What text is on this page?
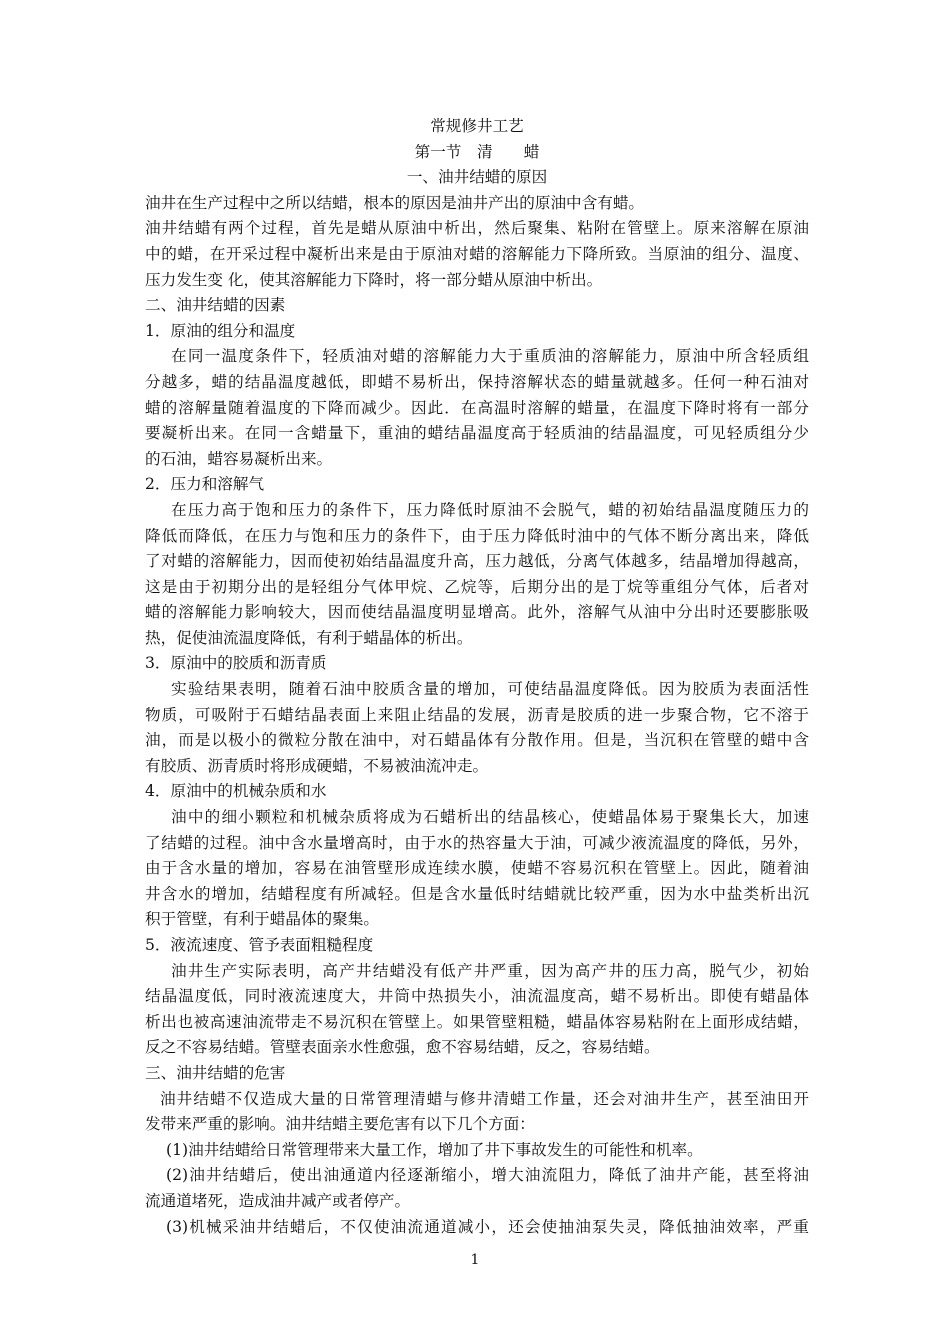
常规修井工艺
第一节　清　　蜡
一、油井结蜡的原因
油井在生产过程中之所以结蜡，根本的原因是油井产出的原油中含有蜡。
油井结蜡有两个过程，首先是蜡从原油中析出，然后聚集、粘附在管壁上。原来溶解在原油
中的蜡，在开采过程中凝析出来是由于原油对蜡的溶解能力下降所致。当原油的组分、温度、
压力发生变 化，使其溶解能力下降时，将一部分蜡从原油中析出。
二、油井结蜡的因素
1．原油的组分和温度
在同一温度条件下，轻质油对蜡的溶解能力大于重质油的溶解能力，原油中所含轻质组
分越多，蜡的结晶温度越低，即蜡不易析出，保持溶解状态的蜡量就越多。任何一种石油对
蜡的溶解量随着温度的下降而减少。因此．在高温时溶解的蜡量，在温度下降时将有一部分
要凝析出来。在同一含蜡量下，重油的蜡结晶温度高于轻质油的结晶温度，可见轻质组分少
的石油，蜡容易凝析出来。
2．压力和溶解气
在压力高于饱和压力的条件下，压力降低时原油不会脱气，蜡的初始结晶温度随压力的
降低而降低，在压力与饱和压力的条件下，由于压力降低时油中的气体不断分离出来，降低
了对蜡的溶解能力，因而使初始结晶温度升高，压力越低，分离气体越多，结晶增加得越高，
这是由于初期分出的是轻组分气体甲烷、乙烷等，后期分出的是丁烷等重组分气体，后者对
蜡的溶解能力影响较大，因而使结晶温度明显增高。此外，溶解气从油中分出时还要膨胀吸
热，促使油流温度降低，有利于蜡晶体的析出。
3．原油中的胶质和沥青质
实验结果表明，随着石油中胶质含量的增加，可使结晶温度降低。因为胶质为表面活性
物质，可吸附于石蜡结晶表面上来阻止结晶的发展，沥青是胶质的进一步聚合物，它不溶于
油，而是以极小的微粒分散在油中，对石蜡晶体有分散作用。但是，当沉积在管壁的蜡中含
有胶质、沥青质时将形成硬蜡，不易被油流冲走。
4．原油中的机械杂质和水
油中的细小颗粒和机械杂质将成为石蜡析出的结晶核心，使蜡晶体易于聚集长大，加速
了结蜡的过程。油中含水量增高时，由于水的热容量大于油，可减少液流温度的降低，另外，
由于含水量的增加，容易在油管壁形成连续水膜，使蜡不容易沉积在管壁上。因此，随着油
井含水的增加，结蜡程度有所减轻。但是含水量低时结蜡就比较严重，因为水中盐类析出沉
积于管壁，有利于蜡晶体的聚集。
5．液流速度、管予表面粗糙程度
油井生产实际表明，高产井结蜡没有低产井严重，因为高产井的压力高，脱气少，初始
结晶温度低，同时液流速度大，井筒中热损失小，油流温度高，蜡不易析出。即使有蜡晶体
析出也被高速油流带走不易沉积在管壁上。如果管壁粗糙，蜡晶体容易粘附在上面形成结蜡，
反之不容易结蜡。管壁表面亲水性愈强，愈不容易结蜡，反之，容易结蜡。
三、油井结蜡的危害
油井结蜡不仅造成大量的日常管理清蜡与修井清蜡工作量，还会对油井生产，甚至油田开
发带来严重的影响。油井结蜡主要危害有以下几个方面：
(1)油井结蜡给日常管理带来大量工作，增加了井下事故发生的可能性和机率。
(2)油井结蜡后，使出油通道内径逐渐缩小，增大油流阻力，降低了油井产能，甚至将油
流通道堵死，造成油井减产或者停产。
(3)机械采油井结蜡后，不仅使油流通道减小，还会使抽油泵失灵，降低抽油效率，严重
1
